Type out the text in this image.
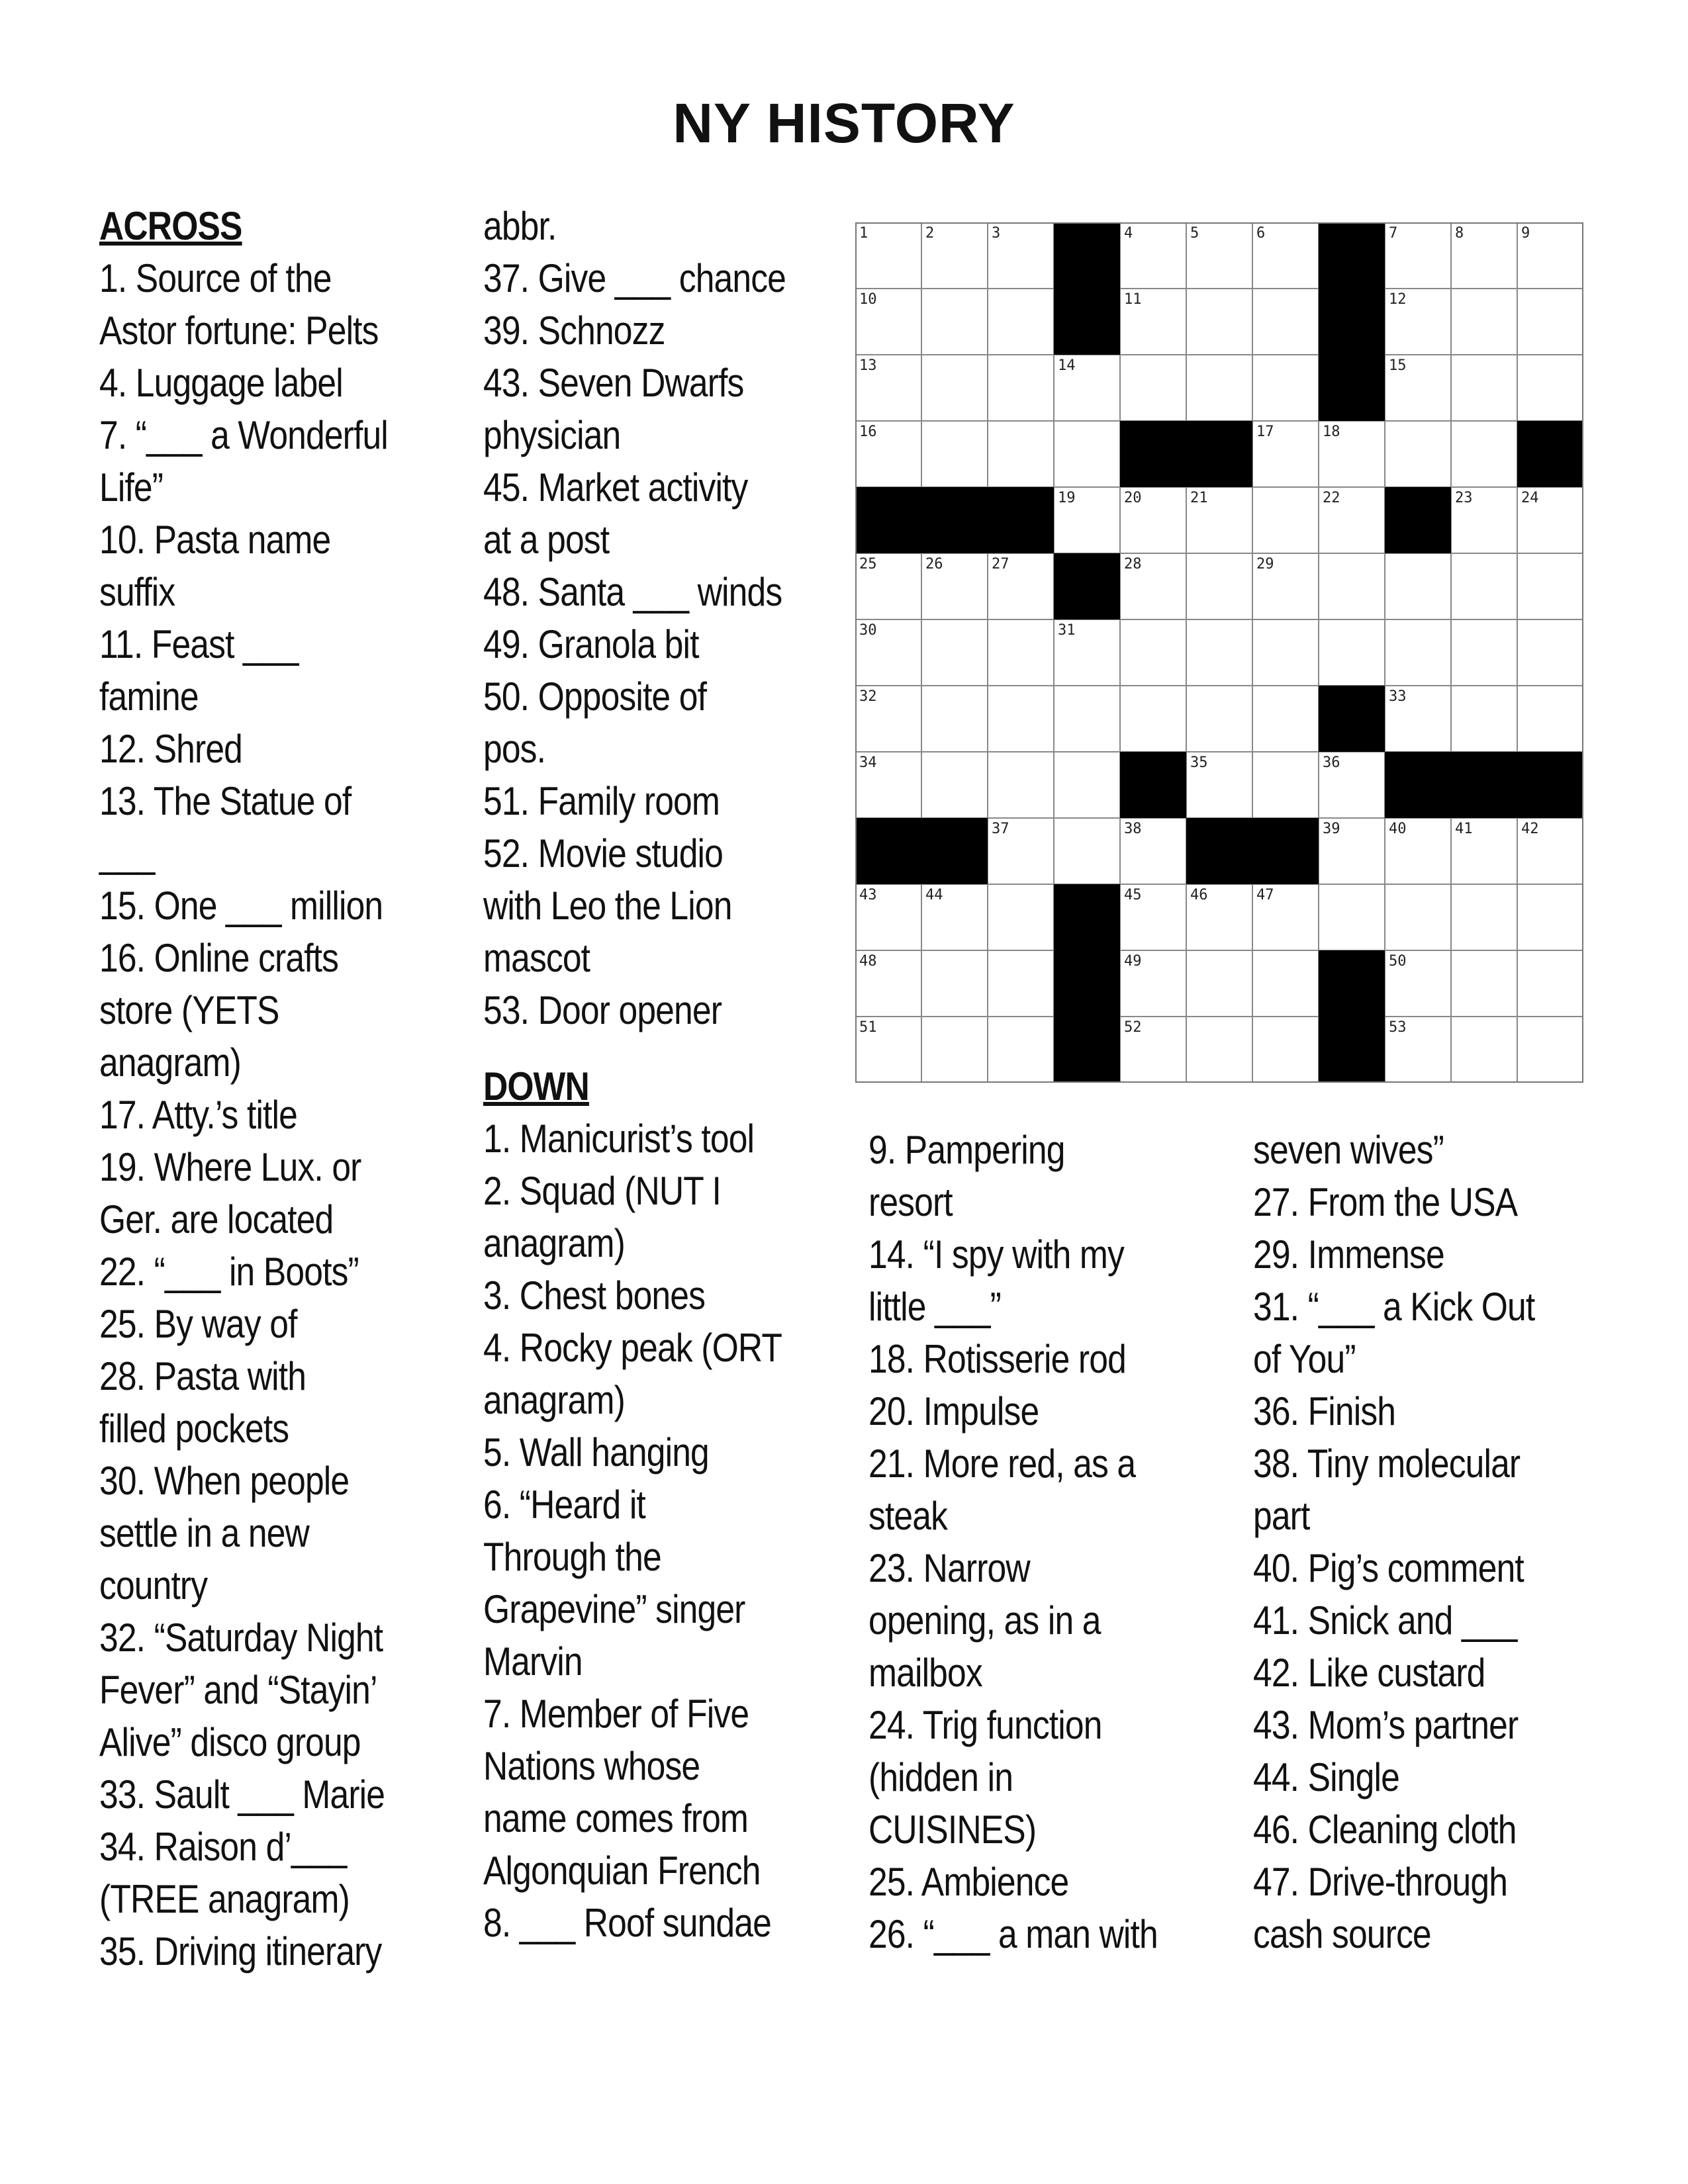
NY HISTORY
ACROSS
1. Source of the
Astor fortune: Pelts
4. Luggage label
7. “___ a Wonderful
Life”
10. Pasta name
suffix
11. Feast ___
famine
12. Shred
13. The Statue of
___
15. One ___ million
16. Online crafts
store (YETS
anagram)
17. Atty.’s title
19. Where Lux. or
Ger. are located
22. “___ in Boots”
25. By way of
28. Pasta with
filled pockets
30. When people
settle in a new
country
32. “Saturday Night
Fever” and “Stayin’
Alive” disco group
33. Sault ___ Marie
34. Raison d’___
(TREE anagram)
35. Driving itinerary
abbr.
37. Give ___ chance
39. Schnozz
43. Seven Dwarfs
physician
45. Market activity
at a post
48. Santa ___ winds
49. Granola bit
50. Opposite of
pos.
51. Family room
52. Movie studio
with Leo the Lion
mascot
53. Door opener
DOWN
1. Manicurist’s tool
2. Squad (NUT I
anagram)
3. Chest bones
4. Rocky peak (ORT
anagram)
5. Wall hanging
6. “Heard it
Through the
Grapevine” singer
Marvin
7. Member of Five
Nations whose
name comes from
Algonquian French
8. ___ Roof sundae
9. Pampering
resort
14. “I spy with my
little ___”
18. Rotisserie rod
20. Impulse
21. More red, as a
steak
23. Narrow
opening, as in a
mailbox
24. Trig function
(hidden in
CUISINES)
25. Ambience
26. “___ a man with
seven wives”
27. From the USA
29. Immense
31. “___ a Kick Out
of You”
36. Finish
38. Tiny molecular
part
40. Pig’s comment
41. Snick and ___
42. Like custard
43. Mom’s partner
44. Single
46. Cleaning cloth
47. Drive-through
cash source
1	2	3	4	5	6	7	8	9
10	11	12
13	14	15
16	17	18
19	20	21	22	23	24
25	26	27	28	29
30	31
32	33
34	35	36
37	38	39	40	41	42
43	44	45	46	47
48	49	50
51	52	53
